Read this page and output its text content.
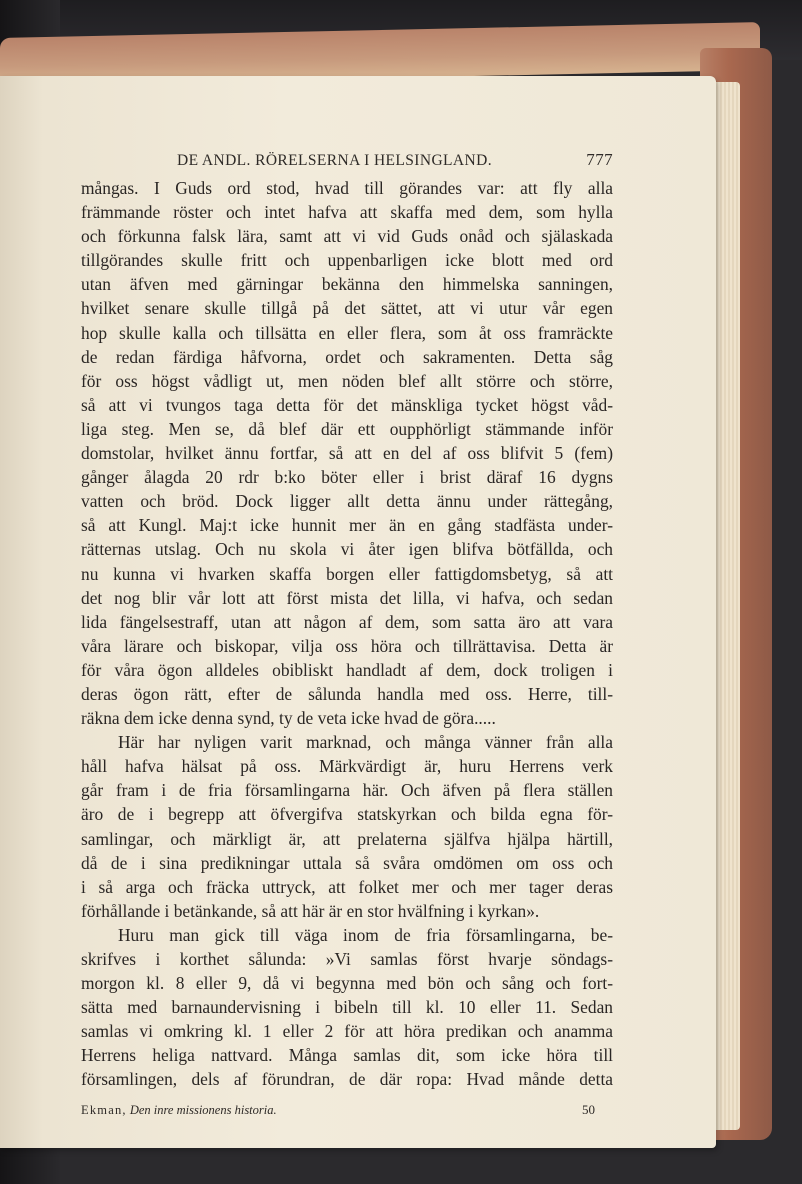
DE ANDL. RÖRELSERNA I HELSINGLAND.	777
mångas. I Guds ord stod, hvad till görandes var: att fly alla
främmande röster och intet hafva att skaffa med dem, som hylla
och förkunna falsk lära, samt att vi vid Guds onåd och själaskada
tillgörandes skulle fritt och uppenbarligen icke blott med ord
utan äfven med gärningar bekänna den himmelska sanningen,
hvilket senare skulle tillgå på det sättet, att vi utur vår egen
hop skulle kalla och tillsätta en eller flera, som åt oss framräckte
de redan färdiga håfvorna, ordet och sakramenten. Detta såg
för oss högst vådligt ut, men nöden blef allt större och större,
så att vi tvungos taga detta för det mänskliga tycket högst våd-
liga steg. Men se, då blef där ett oupphörligt stämmande inför
domstolar, hvilket ännu fortfar, så att en del af oss blifvit 5 (fem)
gånger ålagda 20 rdr b:ko böter eller i brist däraf 16 dygns
vatten och bröd. Dock ligger allt detta ännu under rättegång,
så att Kungl. Maj:t icke hunnit mer än en gång stadfästa under-
rätternas utslag. Och nu skola vi åter igen blifva bötfällda, och
nu kunna vi hvarken skaffa borgen eller fattigdomsbetyg, så att
det nog blir vår lott att först mista det lilla, vi hafva, och sedan
lida fängelsestraff, utan att någon af dem, som satta äro att vara
våra lärare och biskopar, vilja oss höra och tillrättavisa. Detta är
för våra ögon alldeles obibliskt handladt af dem, dock troligen i
deras ögon rätt, efter de sålunda handla med oss. Herre, till-
räkna dem icke denna synd, ty de veta icke hvad de göra.....
Här har nyligen varit marknad, och många vänner från alla
håll hafva hälsat på oss. Märkvärdigt är, huru Herrens verk
går fram i de fria församlingarna här. Och äfven på flera ställen
äro de i begrepp att öfvergifva statskyrkan och bilda egna för-
samlingar, och märkligt är, att prelaterna själfva hjälpa härtill,
då de i sina predikningar uttala så svåra omdömen om oss och
i så arga och fräcka uttryck, att folket mer och mer tager deras
förhållande i betänkande, så att här är en stor hvälfning i kyrkan».
Huru man gick till väga inom de fria församlingarna, be-
skrifves i korthet sålunda: »Vi samlas först hvarje söndags-
morgon kl. 8 eller 9, då vi begynna med bön och sång och fort-
sätta med barnaundervisning i bibeln till kl. 10 eller 11. Sedan
samlas vi omkring kl. 1 eller 2 för att höra predikan och anamma
Herrens heliga nattvard. Många samlas dit, som icke höra till
församlingen, dels af förundran, de där ropa: Hvad månde detta
Ekman, Den inre missionens historia.	50
